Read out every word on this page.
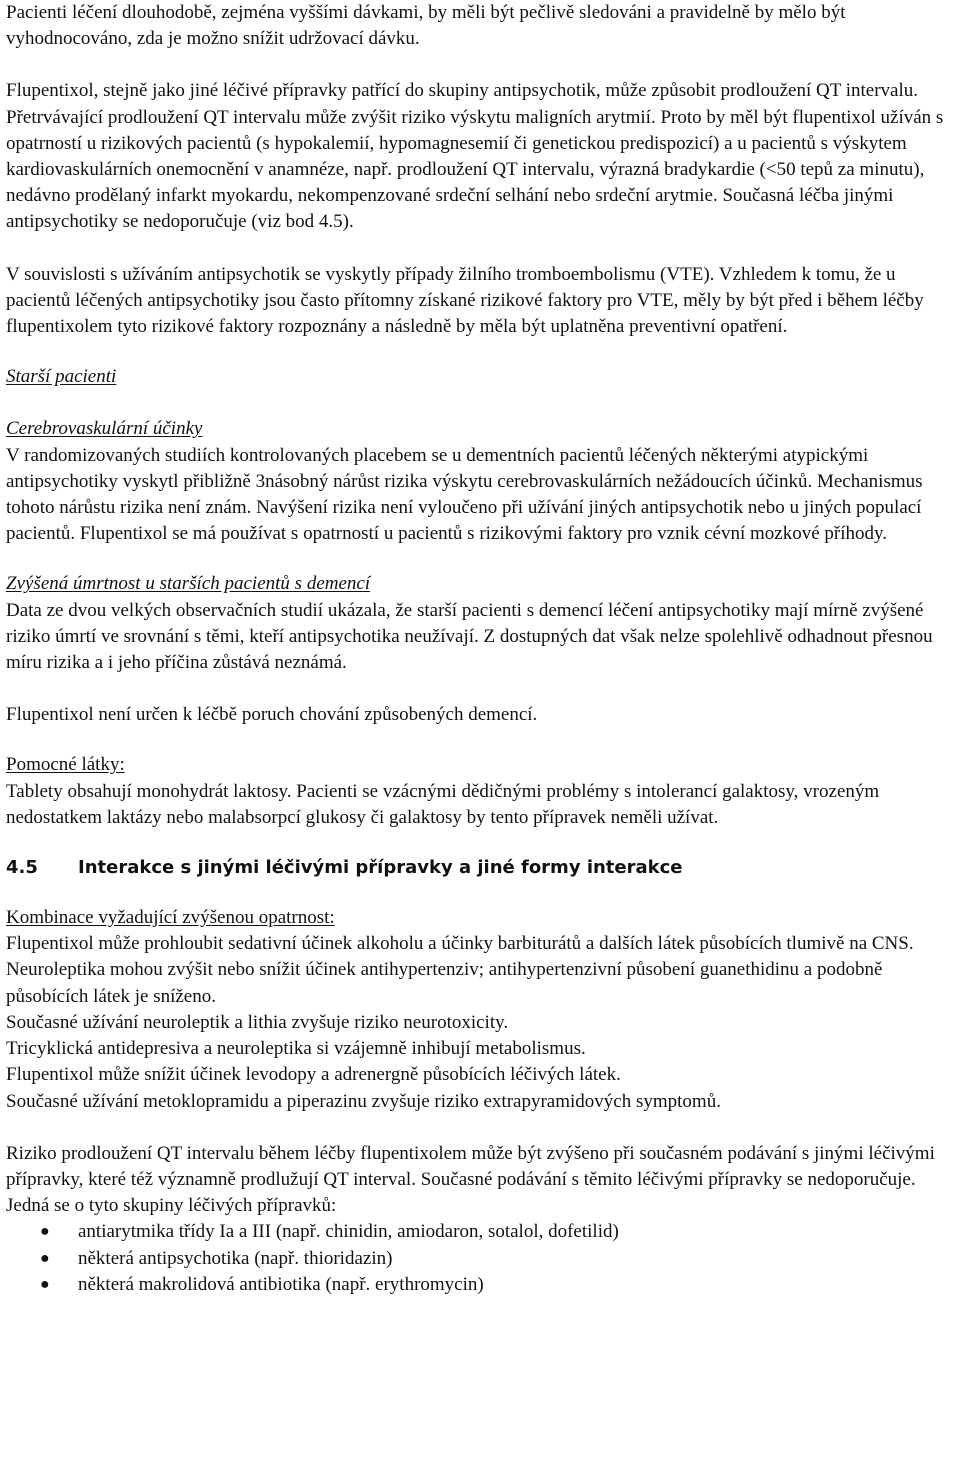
Pacienti léčení dlouhodobě, zejména vyššími dávkami, by měli být pečlivě sledováni a pravidelně by mělo být vyhodnocováno, zda je možno snížit udržovací dávku.

Flupentixol, stejně jako jiné léčivé přípravky patřící do skupiny antipsychotik, může způsobit prodloužení QT intervalu. Přetrvávající prodloužení QT intervalu může zvýšit riziko výskytu maligních arytmií. Proto by měl být flupentixol užíván s opatrností u rizikových pacientů (s hypokalemií, hypomagnesemií či genetickou predispozicí) a u pacientů s výskytem kardiovaskulárních onemocnění v anamnéze, např. prodloužení QT intervalu, výrazná bradykardie (<50 tepů za minutu), nedávno prodělaný infarkt myokardu, nekompenzované srdeční selhání nebo srdeční arytmie. Současná léčba jinými antipsychotiky se nedoporučuje (viz bod 4.5).

V souvislosti s užíváním antipsychotik se vyskytly případy žilního tromboembolismu (VTE). Vzhledem k tomu, že u pacientů léčených antipsychotiky jsou často přítomny získané rizikové faktory pro VTE, měly by být před i během léčby flupentixolem tyto rizikové faktory rozpoznány a následně by měla být uplatněna preventivní opatření.

Starší pacienti

Cerebrovaskulární účinky

V randomizovaných studiích kontrolovaných placebem se u dementních pacientů léčených některými atypickými antipsychotiky vyskytl přibližně 3násobný nárůst rizika výskytu cerebrovaskulárních nežádoucích účinků. Mechanismus tohoto nárůstu rizika není znám. Navýšení rizika není vyloučeno při užívání jiných antipsychotik nebo u jiných populací pacientů. Flupentixol se má používat s opatrností u pacientů s rizikovými faktory pro vznik cévní mozkové příhody.

Zvýšená úmrtnost u starších pacientů s demencí

Data ze dvou velkých observačních studií ukázala, že starší pacienti s demencí léčení antipsychotiky mají mírně zvýšené riziko úmrtí ve srovnání s těmi, kteří antipsychotika neužívají. Z dostupných dat však nelze spolehlivě odhadnout přesnou míru rizika a i jeho příčina zůstává neznámá.

Flupentixol není určen k léčbě poruch chování způsobených demencí.

Pomocné látky:

Tablety obsahují monohydrát laktosy. Pacienti se vzácnými dědičnými problémy s intolerancí galaktosy, vrozeným nedostatkem laktázy nebo malabsorpcí glukosy či galaktosy by tento přípravek neměli užívat.

4.5 Interakce s jinými léčivými přípravky a jiné formy interakce

Kombinace vyžadující zvýšenou opatrnost:

Flupentixol může prohloubit sedativní účinek alkoholu a účinky barbiturátů a dalších látek působících tlumivě na CNS.

Neuroleptika mohou zvýšit nebo snížit účinek antihypertenziv; antihypertenzivní působení guanethidinu a podobně působících látek je sníženo.

Současné užívání neuroleptik a lithia zvyšuje riziko neurotoxicity.

Tricyklická antidepresiva a neuroleptika si vzájemně inhibují metabolismus.

Flupentixol může snížit účinek levodopy a adrenergně působících léčivých látek.

Současné užívání metoklopramidu a piperazinu zvyšuje riziko extrapyramidových symptomů.

Riziko prodloužení QT intervalu během léčby flupentixolem může být zvýšeno při současném podávání s jinými léčivými přípravky, které též významně prodlužují QT interval. Současné podávání s těmito léčivými přípravky se nedoporučuje. Jedná se o tyto skupiny léčivých přípravků:

● antiarytmika třídy Ia a III (např. chinidin, amiodaron, sotalol, dofetilid)
● některá antipsychotika (např. thioridazin)
● některá makrolidová antibiotika (např. erythromycin)
